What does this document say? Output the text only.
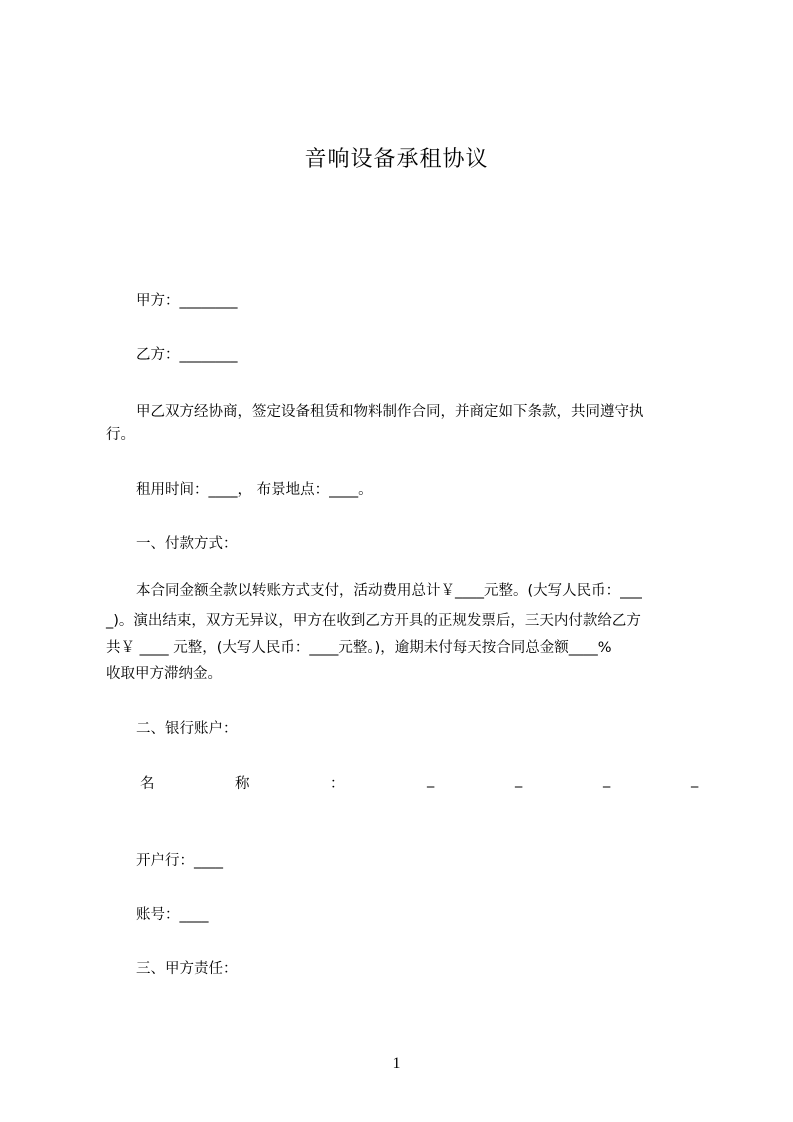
音响设备承租协议
甲方：________
乙方：________
甲乙双方经协商，签定设备租赁和物料制作合同，并商定如下条款，共同遵守执
行。
租用时间：____， 布景地点：____。
一、付款方式：
本合同金额全款以转账方式支付，活动费用总计￥____元整。(大写人民币：___
_)。演出结束，双方无异议，甲方在收到乙方开具的正规发票后，三天内付款给乙方
共￥ ____ 元整，(大写人民币：____元整。)，逾期未付每天按合同总金额____%
收取甲方滞纳金。
二、银行账户：
名	称	：	_	_	_	_
开户行：____
账号：____
三、甲方责任：
1
